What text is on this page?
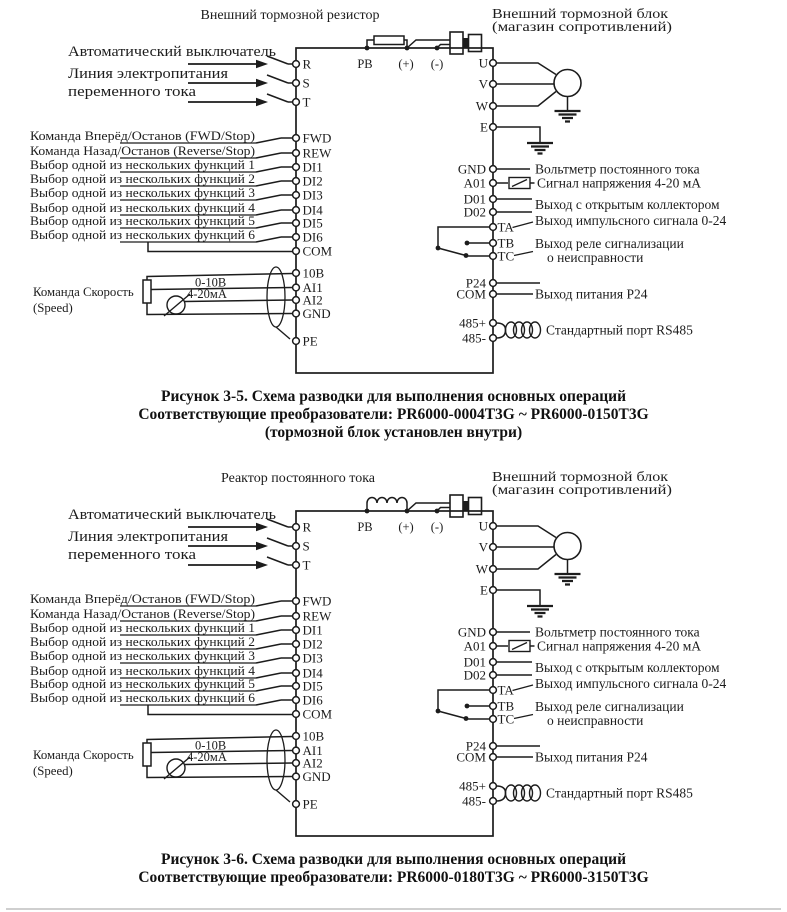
PB (+) (-)
Внешний тормозной резистор	Внешний тормозной блок
(магазин сопротивлений)
Автоматический выключатель
Линия электропитания
переменного тока
R
S
T
Команда Вперёд/Останов (FWD/Stop)	FWD
Команда Назад/Останов (Reverse/Stop)	REW
Выбор одной из нескольких функций 1	DI1
Выбор одной из нескольких функций 2	DI2
Выбор одной из нескольких функций 3	DI3
Выбор одной из нескольких функций 4	DI4
Выбор одной из нескольких функций 5	DI5
Выбор одной из нескольких функций 6	DI6
COM
Команда Скорость
(Speed)
0-10В
4-20мА
10B
AI1
AI2
GND
PE
U
V
W
E
GND
A01
D01
D02
Вольтметр постоянного тока
Сигнал напряжения 4-20 мА
Выход с открытым коллектором
Выход импульсного сигнала 0-24
TA
TB
TC
Выход реле сигнализации
о неисправности
P24
COM	Выход питания P24
485+
485-
Стандартный порт RS485
PB (+) (-)
Реактор постоянного тока	Внешний тормозной блок
(магазин сопротивлений)
Автоматический выключатель
Линия электропитания
переменного тока
R
S
T
Команда Вперёд/Останов (FWD/Stop)	FWD
Команда Назад/Останов (Reverse/Stop)	REW
Выбор одной из нескольких функций 1	DI1
Выбор одной из нескольких функций 2	DI2
Выбор одной из нескольких функций 3	DI3
Выбор одной из нескольких функций 4	DI4
Выбор одной из нескольких функций 5	DI5
Выбор одной из нескольких функций 6	DI6
COM
Команда Скорость
(Speed)
0-10В
4-20мА
10B
AI1
AI2
GND
PE
U
V
W
E
GND
A01
D01
D02
Вольтметр постоянного тока
Сигнал напряжения 4-20 мА
Выход с открытым коллектором
Выход импульсного сигнала 0-24
TA
TB
TC
Выход реле сигнализации
о неисправности
P24
COM	Выход питания P24
485+
485-
Стандартный порт RS485
Рисунок 3-5. Схема разводки для выполнения основных операций
Соответствующие преобразователи: PR6000-0004T3G ~ PR6000-0150T3G
(тормозной блок установлен внутри)
Рисунок 3-6. Схема разводки для выполнения основных операций
Соответствующие преобразователи: PR6000-0180T3G ~ PR6000-3150T3G
